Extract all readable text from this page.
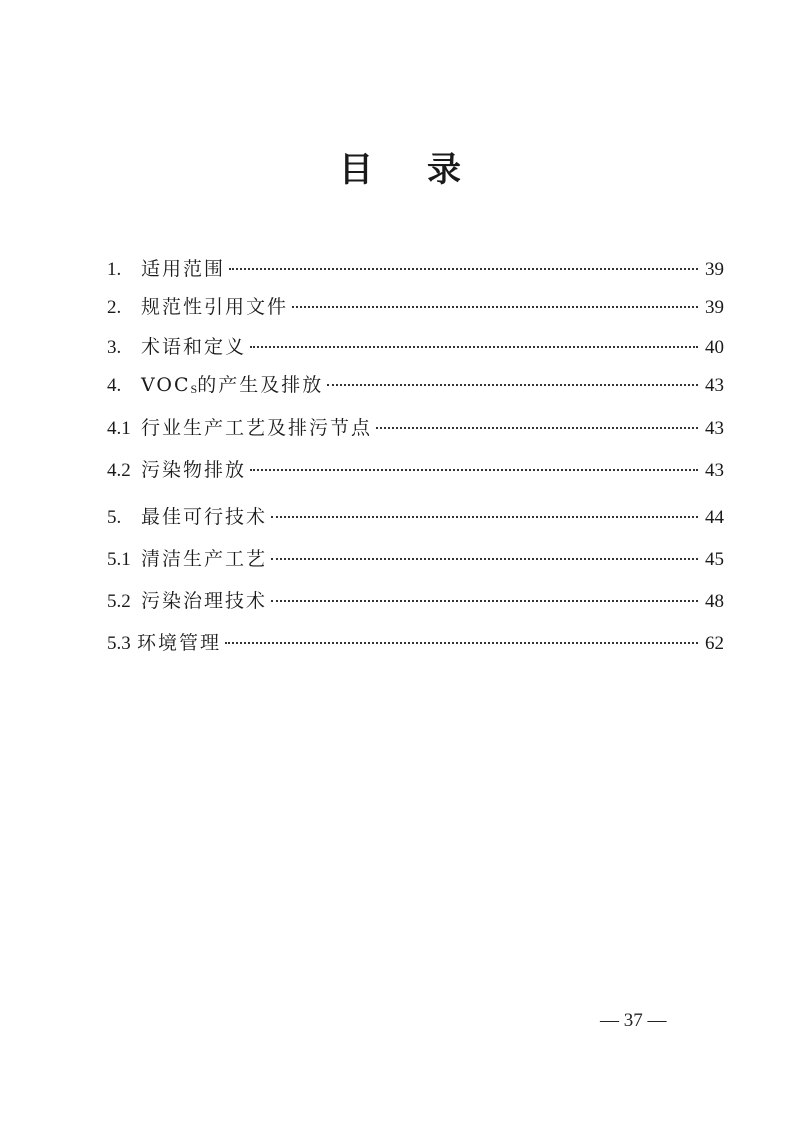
目 录
1.	适用范围	39
2.	规范性引用文件	39
3.	术语和定义	40
4.	$VOC_S$的产生及排放	43
4.1 行业生产工艺及排污节点	43
4.2 污染物排放	43
5.	最佳可行技术	44
5.1 清洁生产工艺	45
5.2 污染治理技术	48
5.3 环境管理	62
— 37 —
